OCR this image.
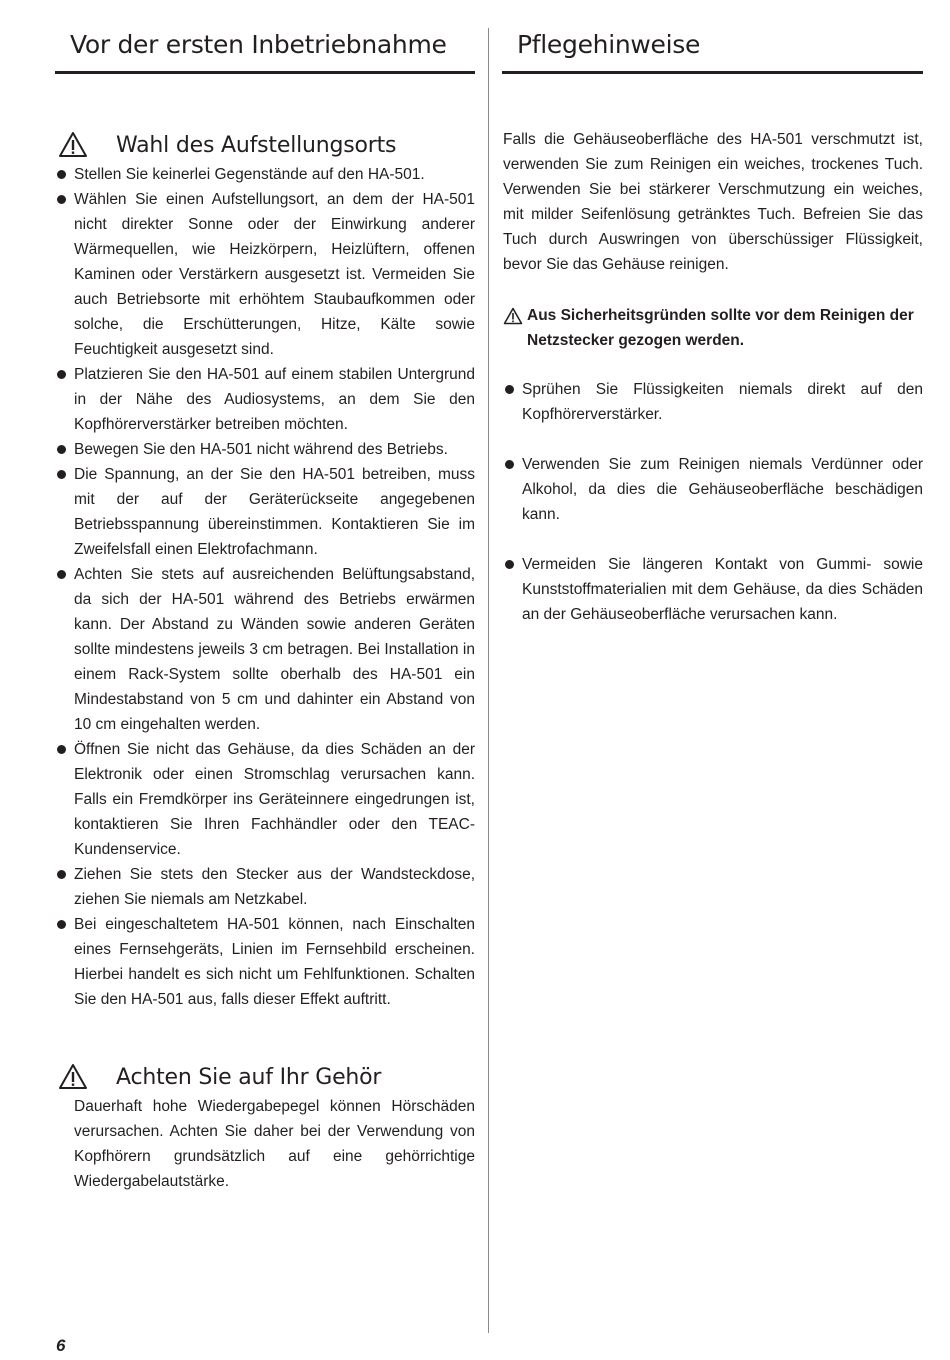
Vor der ersten Inbetriebnahme	Pflegehinweise
Wahl des Aufstellungsorts
Stellen Sie keinerlei Gegenstände auf den HA-501.
Wählen Sie einen Aufstellungsort, an dem der HA-501 nicht direkter Sonne oder der Einwirkung anderer Wärmequellen, wie Heizkörpern, Heizlüftern, offenen Kaminen oder Verstärkern ausgesetzt ist. Vermeiden Sie auch Betriebsorte mit erhöhtem Staubaufkommen oder solche, die Erschütterungen, Hitze, Kälte sowie Feuchtigkeit ausgesetzt sind.
Platzieren Sie den HA-501 auf einem stabilen Untergrund in der Nähe des Audiosystems, an dem Sie den Kopfhörerverstärker betreiben möchten.
Bewegen Sie den HA-501 nicht während des Betriebs.
Die Spannung, an der Sie den HA-501 betreiben, muss mit der auf der Geräterückseite angegebenen Betriebsspannung übereinstimmen. Kontaktieren Sie im Zweifelsfall einen Elektrofachmann.
Achten Sie stets auf ausreichenden Belüftungsabstand, da sich der HA-501 während des Betriebs erwärmen kann. Der Abstand zu Wänden sowie anderen Geräten sollte mindestens jeweils 3 cm betragen. Bei Installation in einem Rack-System sollte oberhalb des HA-501 ein Mindestabstand von 5 cm und dahinter ein Abstand von 10 cm eingehalten werden.
Öffnen Sie nicht das Gehäuse, da dies Schäden an der Elektronik oder einen Stromschlag verursachen kann. Falls ein Fremdkörper ins Geräteinnere eingedrungen ist, kontaktieren Sie Ihren Fachhändler oder den TEAC-Kundenservice.
Ziehen Sie stets den Stecker aus der Wandsteckdose, ziehen Sie niemals am Netzkabel.
Bei eingeschaltetem HA-501 können, nach Einschalten eines Fernsehgeräts, Linien im Fernsehbild erscheinen. Hierbei handelt es sich nicht um Fehlfunktionen. Schalten Sie den HA-501 aus, falls dieser Effekt auftritt.
Achten Sie auf Ihr Gehör

Dauerhaft hohe Wiedergabepegel können Hörschäden verursachen. Achten Sie daher bei der Verwendung von Kopfhörern grundsätzlich auf eine gehörrichtige Wiedergabelautstärke.

Falls die Gehäuseoberfläche des HA-501 verschmutzt ist, verwenden Sie zum Reinigen ein weiches, trockenes Tuch. Verwenden Sie bei stärkerer Verschmutzung ein weiches, mit milder Seifenlösung getränktes Tuch. Befreien Sie das Tuch durch Auswringen von überschüssiger Flüssigkeit, bevor Sie das Gehäuse reinigen.

Aus Sicherheitsgründen sollte vor dem Reinigen der Netzstecker gezogen werden.
Sprühen Sie Flüssigkeiten niemals direkt auf den Kopfhörerverstärker.
Verwenden Sie zum Reinigen niemals Verdünner oder Alkohol, da dies die Gehäuseoberfläche beschädigen kann.
Vermeiden Sie längeren Kontakt von Gummi- sowie Kunststoffmaterialien mit dem Gehäuse, da dies Schäden an der Gehäuseoberfläche verursachen kann.
6
